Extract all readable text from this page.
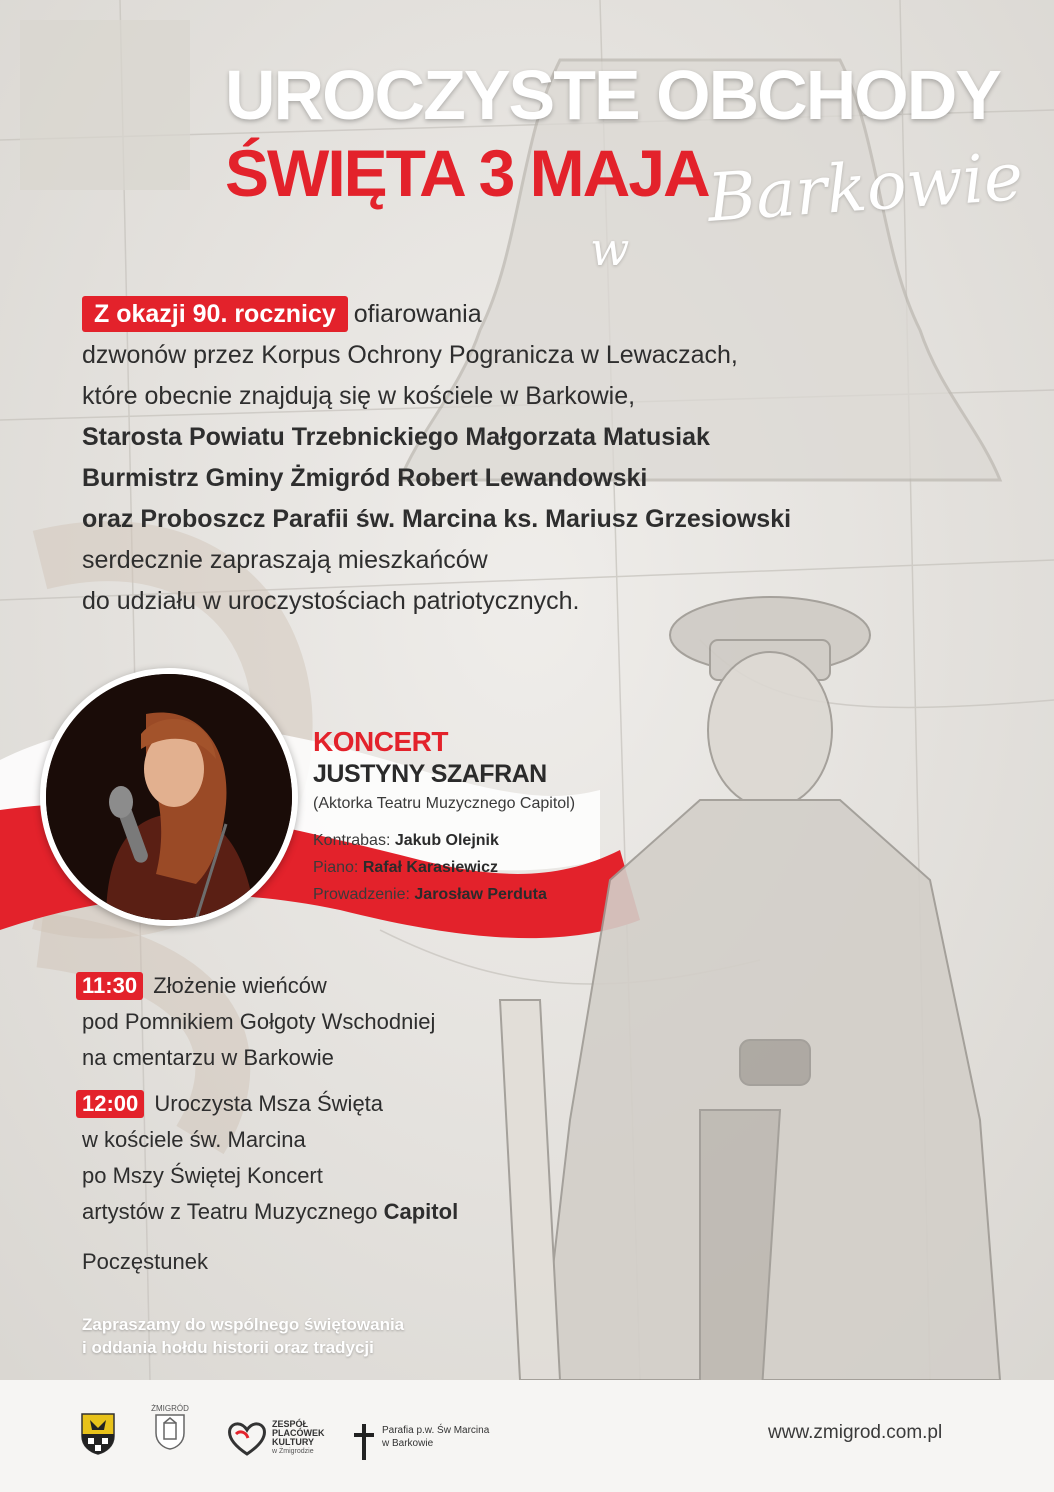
UROCZYSTE OBCHODY
ŚWIĘTA 3 MAJA
Barkowie
w
Z okazji 90. rocznicy ofiarowania
dzwonów przez Korpus Ochrony Pogranicza w Lewaczach,
które obecnie znajdują się w kościele w Barkowie,
Starosta Powiatu Trzebnickiego Małgorzata Matusiak
Burmistrz Gminy Żmigród Robert Lewandowski
oraz Proboszcz Parafii św. Marcina ks. Mariusz Grzesiowski
serdecznie zapraszają mieszkańców
do udziału w uroczystościach patriotycznych.
KONCERT
JUSTYNY SZAFRAN
(Aktorka Teatru Muzycznego Capitol)
Kontrabas: Jakub Olejnik
Piano: Rafał Karasiewicz
Prowadzenie: Jarosław Perduta
11:30 Złożenie wieńców
pod Pomnikiem Gołgoty Wschodniej
na cmentarzu w Barkowie
12:00 Uroczysta Msza Święta
w kościele św. Marcina
po Mszy Świętej Koncert
artystów z Teatru Muzycznego Capitol
Poczęstunek
Zapraszamy do wspólnego świętowania
i oddania hołdu historii oraz tradycji
ŻMIGRÓD
ZESPÓŁ
PLACÓWEK
KULTURY
w Żmigrodzie
Parafia p.w. Św Marcina
w Barkowie
www.zmigrod.com.pl
